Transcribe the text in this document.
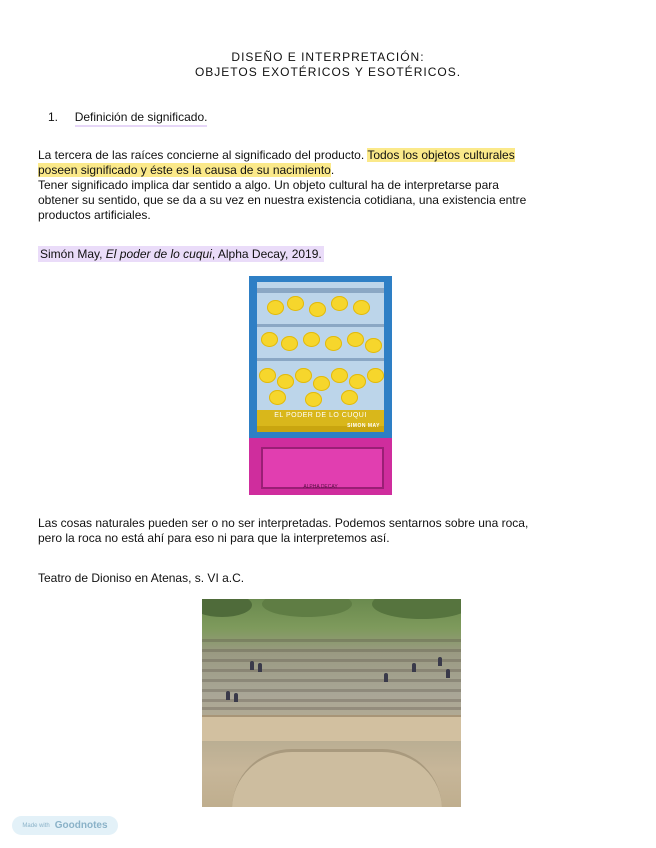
DISEÑO E INTERPRETACIÓN:
OBJETOS EXOTÉRICOS Y ESOTÉRICOS.
1. Definición de significado.
La tercera de las raíces concierne al significado del producto. Todos los objetos culturales
poseen significado y éste es la causa de su nacimiento.
Tener significado implica dar sentido a algo. Un objeto cultural ha de interpretarse para
obtener su sentido, que se da a su vez en nuestra existencia cotidiana, una existencia entre
productos artificiales.
Simón May, El poder de lo cuqui, Alpha Decay, 2019.
EL PODER DE LO CUQUI
SIMON MAY
ALPHA DECAY
Las cosas naturales pueden ser o no ser interpretadas. Podemos sentarnos sobre una roca,
pero la roca no está ahí para eso ni para que la interpretemos así.
Teatro de Dioniso en Atenas, s. VI a.C.
Made with Goodnotes
